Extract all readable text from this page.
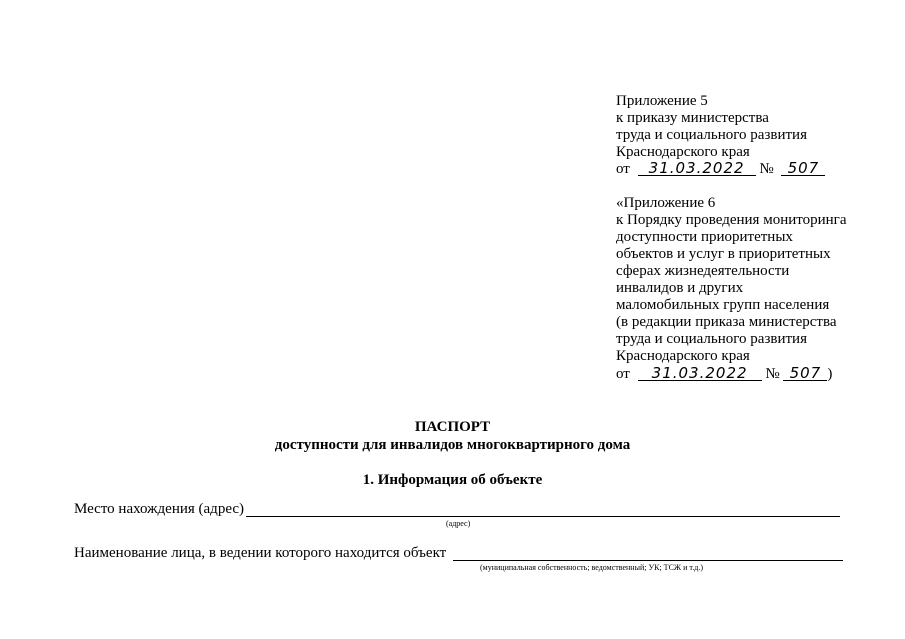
Приложение 5
к приказу министерства
труда и социального развития
Краснодарского края
от 31.03.2022 № 507
«Приложение 6
к Порядку проведения мониторинга
доступности приоритетных
объектов и услуг в приоритетных
сферах жизнедеятельности
инвалидов и других
маломобильных групп населения
(в редакции приказа министерства
труда и социального развития
Краснодарского края
от 31.03.2022 № 507 )
ПАСПОРТ
доступности для инвалидов многоквартирного дома
1. Информация об объекте
Место нахождения (адрес)
(адрес)
Наименование лица, в ведении которого находится объект
(муниципальная собственность; ведомственный; УК; ТСЖ и т.д.)
